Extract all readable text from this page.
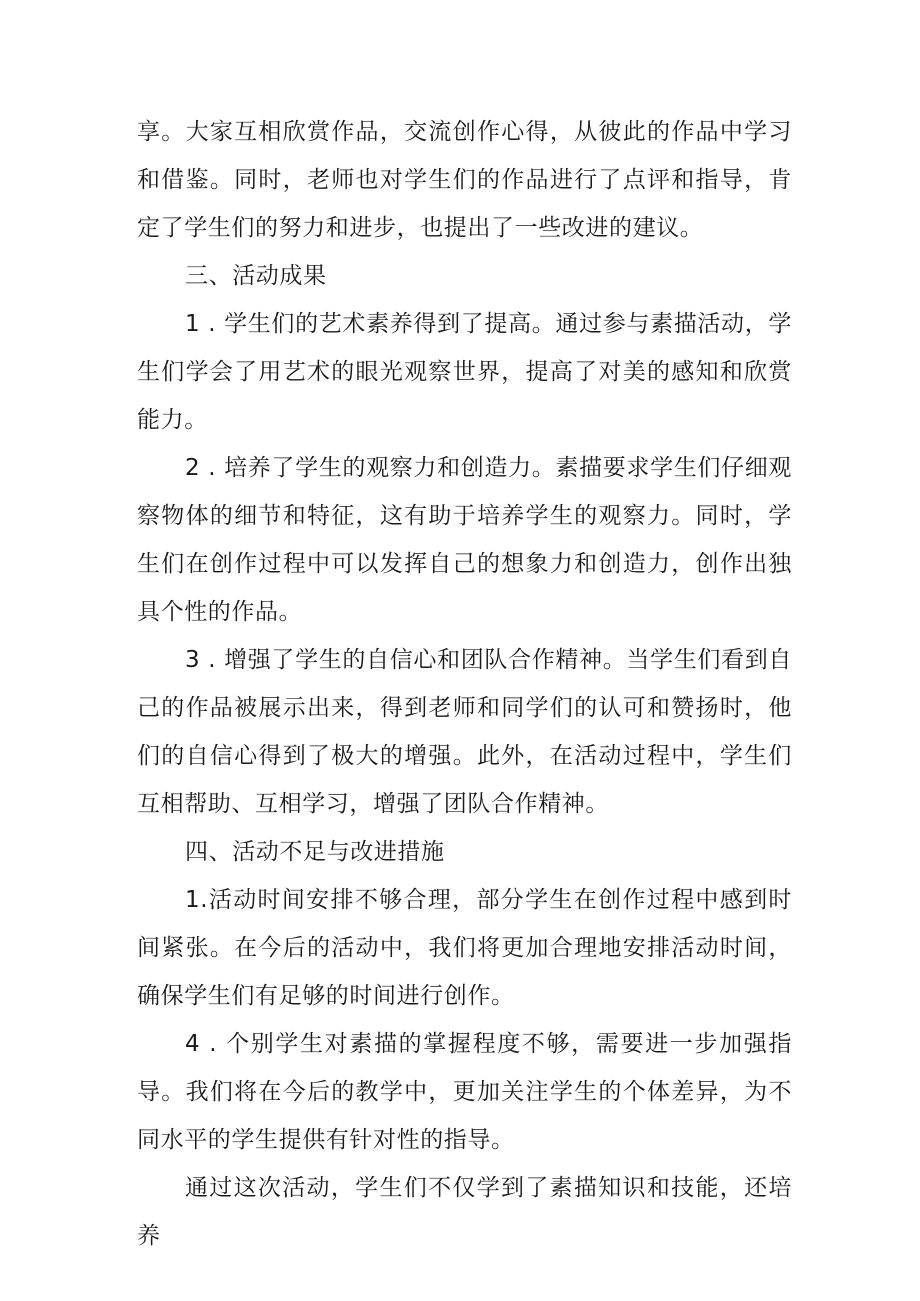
享。大家互相欣赏作品，交流创作心得，从彼此的作品中学习和借鉴。同时，老师也对学生们的作品进行了点评和指导，肯定了学生们的努力和进步，也提出了一些改进的建议。

三、活动成果

1 . 学生们的艺术素养得到了提高。通过参与素描活动，学生们学会了用艺术的眼光观察世界，提高了对美的感知和欣赏能力。

2 . 培养了学生的观察力和创造力。素描要求学生们仔细观察物体的细节和特征，这有助于培养学生的观察力。同时，学生们在创作过程中可以发挥自己的想象力和创造力，创作出独具个性的作品。

3 . 增强了学生的自信心和团队合作精神。当学生们看到自己的作品被展示出来，得到老师和同学们的认可和赞扬时，他们的自信心得到了极大的增强。此外，在活动过程中，学生们互相帮助、互相学习，增强了团队合作精神。

四、活动不足与改进措施

1.活动时间安排不够合理，部分学生在创作过程中感到时间紧张。在今后的活动中，我们将更加合理地安排活动时间，确保学生们有足够的时间进行创作。

4 . 个别学生对素描的掌握程度不够，需要进一步加强指导。我们将在今后的教学中，更加关注学生的个体差异，为不同水平的学生提供有针对性的指导。

通过这次活动，学生们不仅学到了素描知识和技能，还培养
